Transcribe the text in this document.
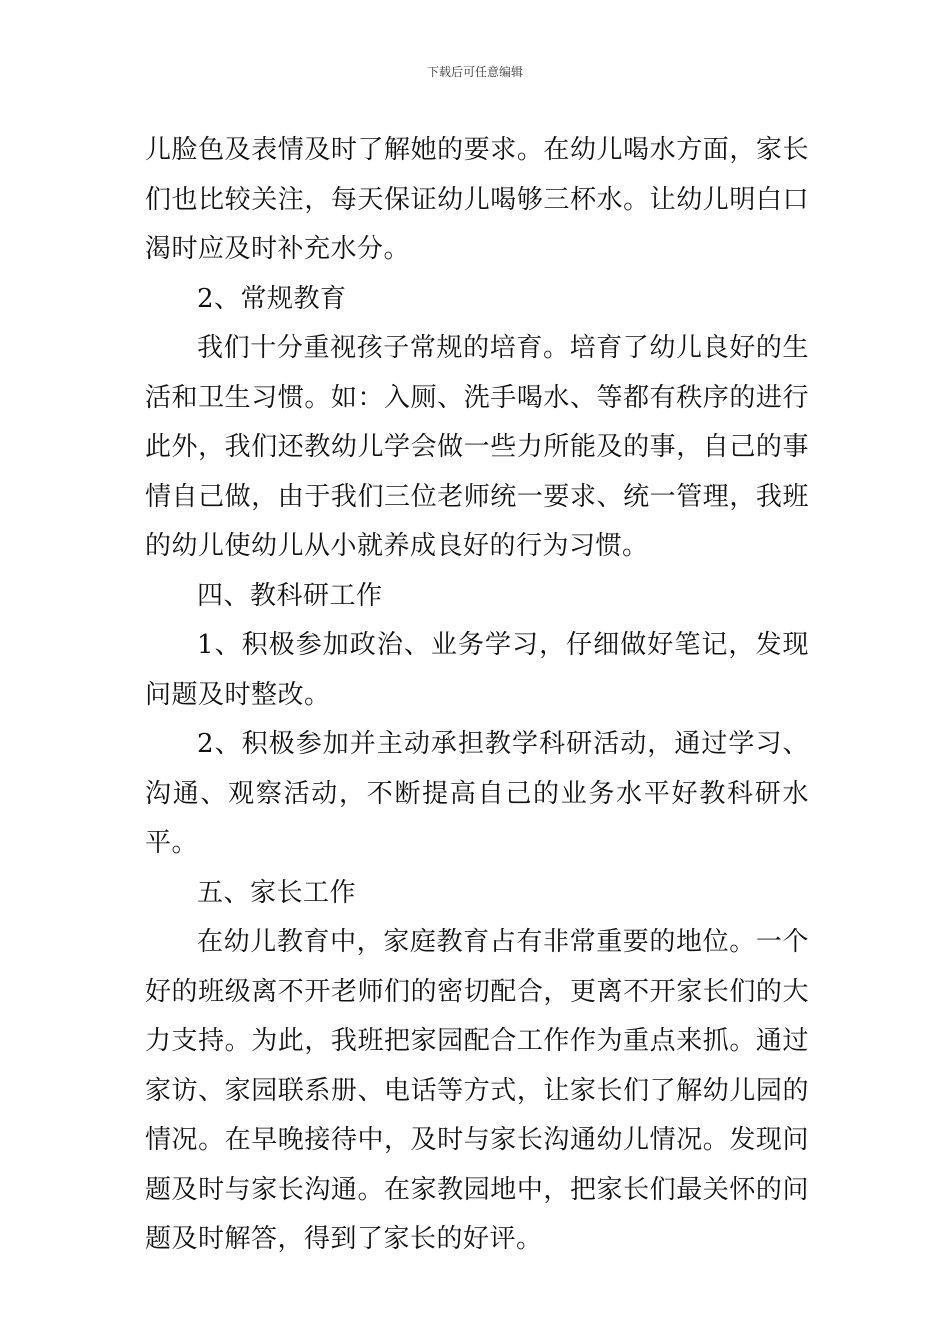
下载后可任意编辑

儿脸色及表情及时了解她的要求。在幼儿喝水方面，家长们也比较关注，每天保证幼儿喝够三杯水。让幼儿明白口渴时应及时补充水分。

2、常规教育

我们十分重视孩子常规的培育。培育了幼儿良好的生活和卫生习惯。如：入厕、洗手喝水、等都有秩序的进行此外，我们还教幼儿学会做一些力所能及的事，自己的事情自己做，由于我们三位老师统一要求、统一管理，我班的幼儿使幼儿从小就养成良好的行为习惯。

四、教科研工作

1、积极参加政治、业务学习，仔细做好笔记，发现问题及时整改。

2、积极参加并主动承担教学科研活动，通过学习、沟通、观察活动，不断提高自己的业务水平好教科研水平。

五、家长工作

在幼儿教育中，家庭教育占有非常重要的地位。一个好的班级离不开老师们的密切配合，更离不开家长们的大力支持。为此，我班把家园配合工作作为重点来抓。通过家访、家园联系册、电话等方式，让家长们了解幼儿园的情况。在早晚接待中，及时与家长沟通幼儿情况。发现问题及时与家长沟通。在家教园地中，把家长们最关怀的问题及时解答，得到了家长的好评。
